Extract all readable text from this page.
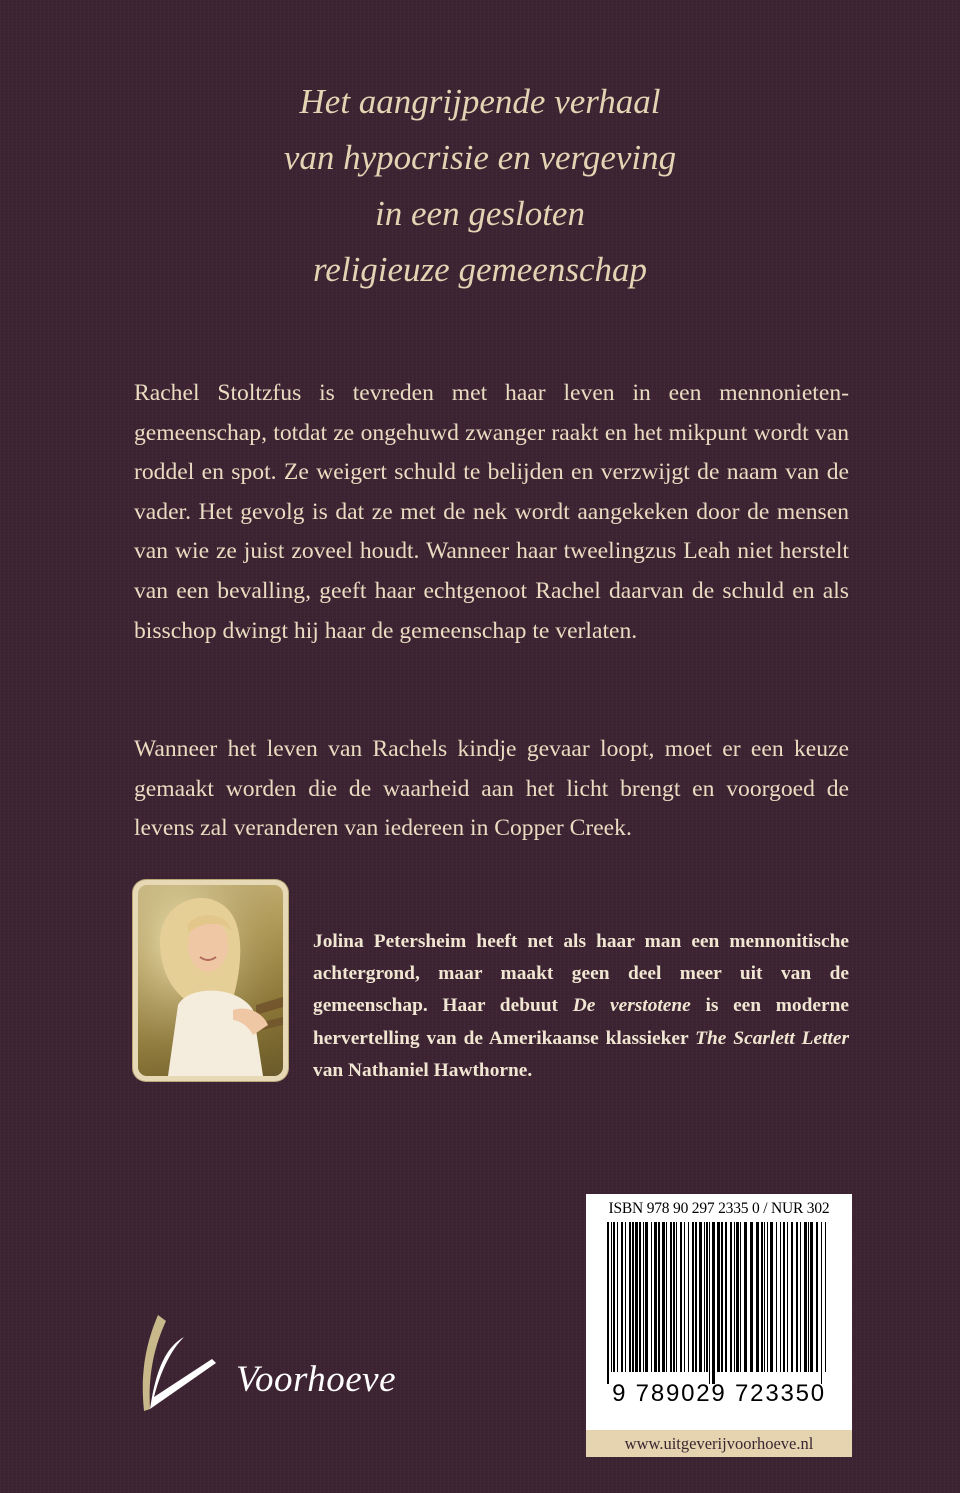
Het aangrijpende verhaal
van hypocrisie en vergeving
in een gesloten
religieuze gemeenschap

Rachel Stoltzfus is tevreden met haar leven in een mennonieten-gemeenschap, totdat ze ongehuwd zwanger raakt en het mikpunt wordt van roddel en spot. Ze weigert schuld te belijden en verzwijgt de naam van de vader. Het gevolg is dat ze met de nek wordt aangekeken door de mensen van wie ze juist zoveel houdt. Wanneer haar tweelingzus Leah niet herstelt van een bevalling, geeft haar echtgenoot Rachel daarvan de schuld en als bisschop dwingt hij haar de gemeenschap te verlaten.

Wanneer het leven van Rachels kindje gevaar loopt, moet er een keuze gemaakt worden die de waarheid aan het licht brengt en voorgoed de levens zal veranderen van iedereen in Copper Creek.

Jolina Petersheim heeft net als haar man een mennonitische achtergrond, maar maakt geen deel meer uit van de gemeenschap. Haar debuut De verstotene is een moderne hervertelling van de Amerikaanse klassieker The Scarlett Letter van Nathaniel Hawthorne.

ISBN 978 90 297 2335 0 / NUR 302
9 789029 723350
www.uitgeverijvoorhoeve.nl
Voorhoeve
